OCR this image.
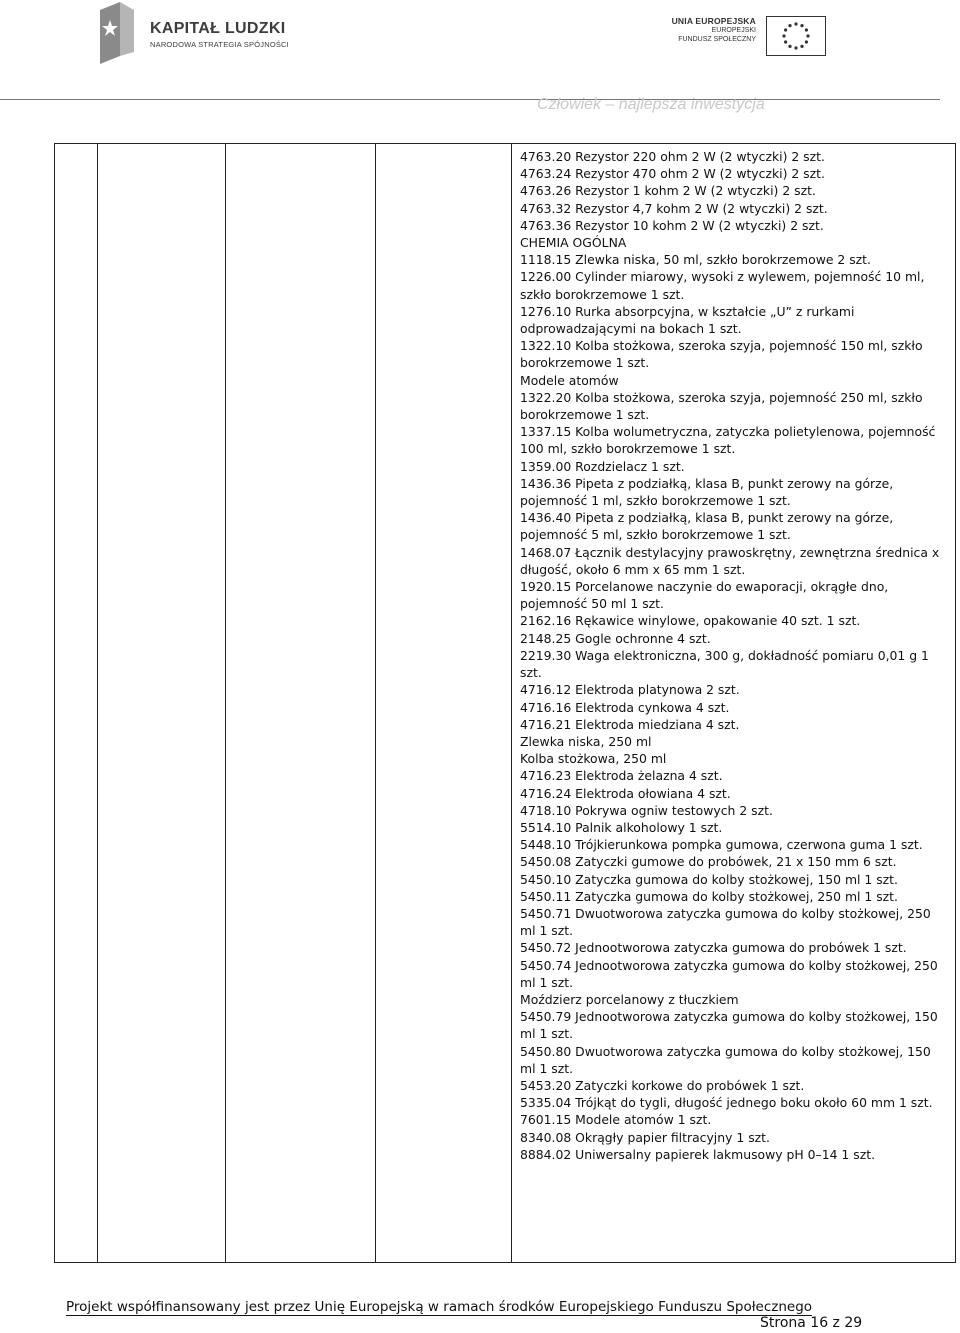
KAPITAŁ LUDZKI
NARODOWA STRATEGIA SPÓJNOŚCI
UNIA EUROPEJSKA
EUROPEJSKI
FUNDUSZ SPOŁECZNY
Człowiek – najlepsza inwestycja
4763.20 Rezystor 220 ohm 2 W (2 wtyczki) 2 szt.
4763.24 Rezystor 470 ohm 2 W (2 wtyczki) 2 szt.
4763.26 Rezystor 1 kohm 2 W (2 wtyczki) 2 szt.
4763.32 Rezystor 4,7 kohm 2 W (2 wtyczki) 2 szt.
4763.36 Rezystor 10 kohm 2 W (2 wtyczki) 2 szt.
CHEMIA OGÓLNA
1118.15 Zlewka niska, 50 ml, szkło borokrzemowe 2 szt.
1226.00 Cylinder miarowy, wysoki z wylewem, pojemność 10 ml, szkło borokrzemowe 1 szt.
1276.10 Rurka absorpcyjna, w kształcie „U” z rurkami odprowadzającymi na bokach 1 szt.
1322.10 Kolba stożkowa, szeroka szyja, pojemność 150 ml, szkło borokrzemowe 1 szt.
Modele atomów
1322.20 Kolba stożkowa, szeroka szyja, pojemność 250 ml, szkło borokrzemowe 1 szt.
1337.15 Kolba wolumetryczna, zatyczka polietylenowa, pojemność 100 ml, szkło borokrzemowe 1 szt.
1359.00 Rozdzielacz 1 szt.
1436.36 Pipeta z podziałką, klasa B, punkt zerowy na górze, pojemność 1 ml, szkło borokrzemowe 1 szt.
1436.40 Pipeta z podziałką, klasa B, punkt zerowy na górze, pojemność 5 ml, szkło borokrzemowe 1 szt.
1468.07 Łącznik destylacyjny prawoskrętny, zewnętrzna średnica x długość, około 6 mm x 65 mm 1 szt.
1920.15 Porcelanowe naczynie do ewaporacji, okrągłe dno, pojemność 50 ml 1 szt.
2162.16 Rękawice winylowe, opakowanie 40 szt. 1 szt.
2148.25 Gogle ochronne 4 szt.
2219.30 Waga elektroniczna, 300 g, dokładność pomiaru 0,01 g 1 szt.
4716.12 Elektroda platynowa 2 szt.
4716.16 Elektroda cynkowa 4 szt.
4716.21 Elektroda miedziana 4 szt.
Zlewka niska, 250 ml
Kolba stożkowa, 250 ml
4716.23 Elektroda żelazna 4 szt.
4716.24 Elektroda ołowiana 4 szt.
4718.10 Pokrywa ogniw testowych 2 szt.
5514.10 Palnik alkoholowy 1 szt.
5448.10 Trójkierunkowa pompka gumowa, czerwona guma 1 szt.
5450.08 Zatyczki gumowe do probówek, 21 x 150 mm 6 szt.
5450.10 Zatyczka gumowa do kolby stożkowej, 150 ml 1 szt.
5450.11 Zatyczka gumowa do kolby stożkowej, 250 ml 1 szt.
5450.71 Dwuotworowa zatyczka gumowa do kolby stożkowej, 250 ml 1 szt.
5450.72 Jednootworowa zatyczka gumowa do probówek 1 szt.
5450.74 Jednootworowa zatyczka gumowa do kolby stożkowej, 250 ml 1 szt.
Moździerz porcelanowy z tłuczkiem
5450.79 Jednootworowa zatyczka gumowa do kolby stożkowej, 150 ml 1 szt.
5450.80 Dwuotworowa zatyczka gumowa do kolby stożkowej, 150 ml 1 szt.
5453.20 Zatyczki korkowe do probówek 1 szt.
5335.04 Trójkąt do tygli, długość jednego boku około 60 mm 1 szt.
7601.15 Modele atomów 1 szt.
8340.08 Okrągły papier filtracyjny 1 szt.
8884.02 Uniwersalny papierek lakmusowy pH 0–14 1 szt.
Projekt współfinansowany jest przez Unię Europejską w ramach środków Europejskiego Funduszu Społecznego
Strona 16 z 29
